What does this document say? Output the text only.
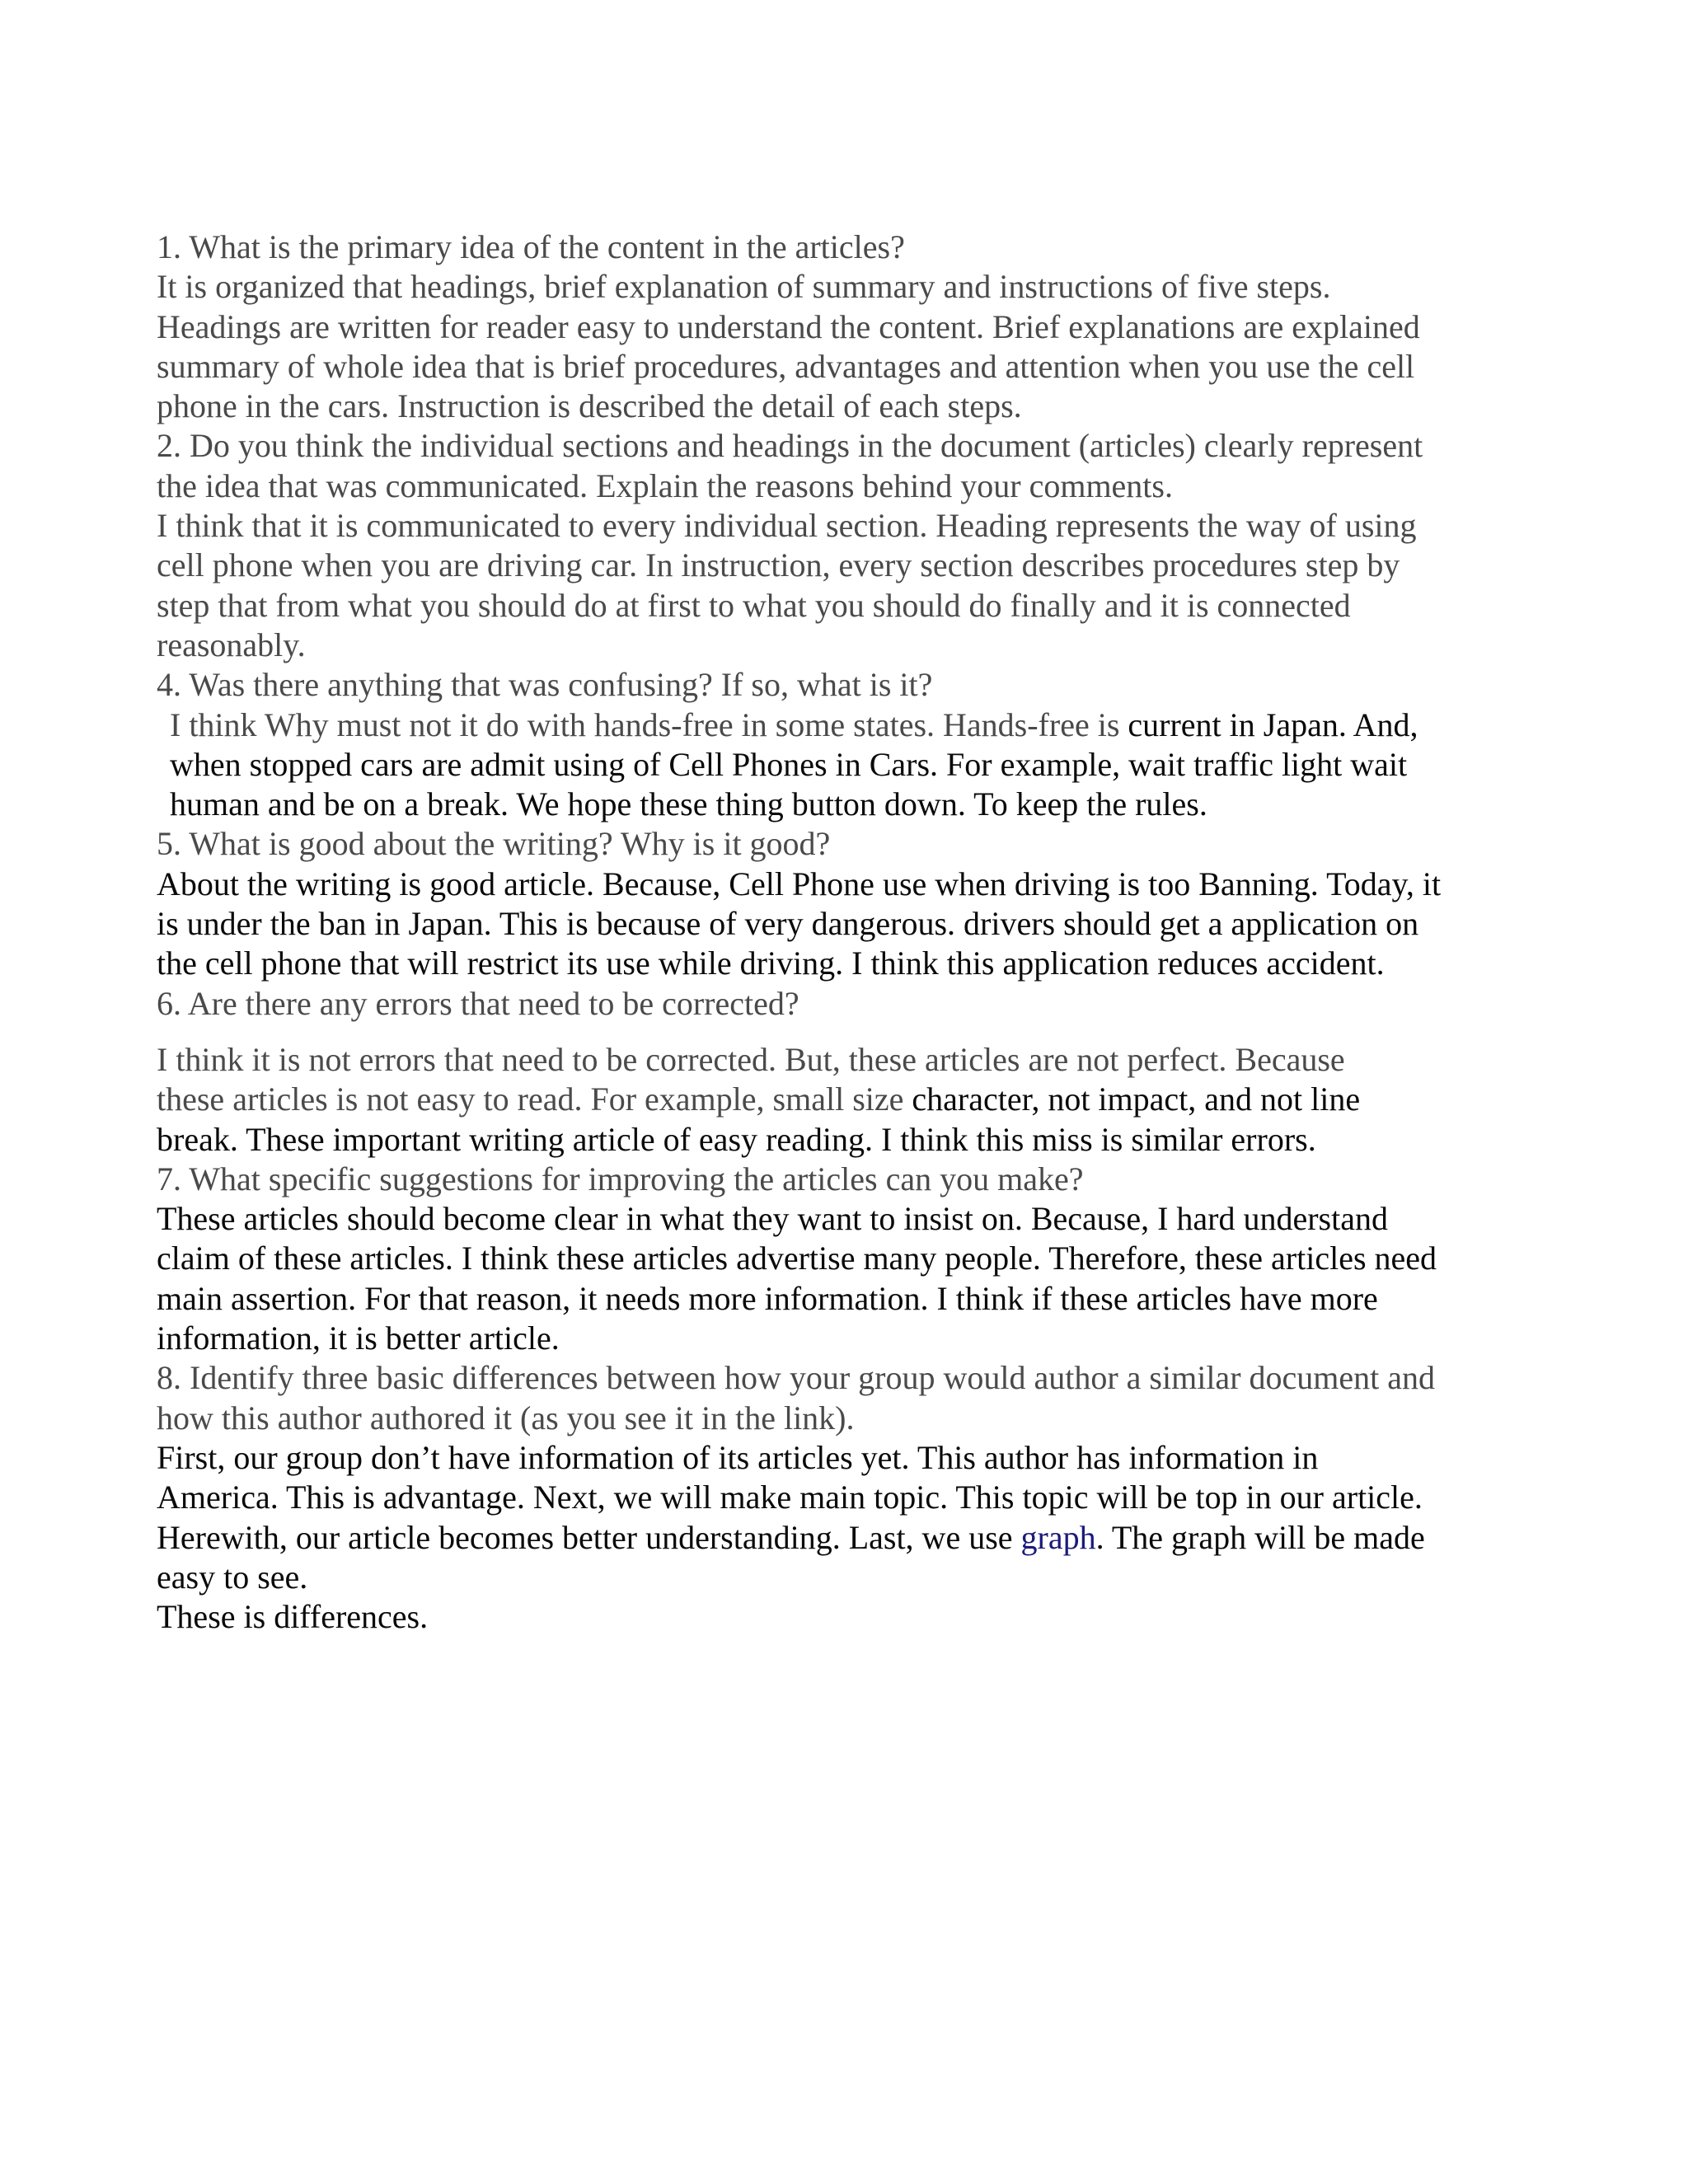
1. What is the primary idea of the content in the articles?
It is organized that headings, brief explanation of summary and instructions of five steps.
Headings are written for reader easy to understand the content. Brief explanations are explained
summary of whole idea that is brief procedures, advantages and attention when you use the cell
phone in the cars. Instruction is described the detail of each steps.
2. Do you think the individual sections and headings in the document (articles) clearly represent
the idea that was communicated. Explain the reasons behind your comments.
I think that it is communicated to every individual section. Heading represents the way of using
cell phone when you are driving car. In instruction, every section describes procedures step by
step that from what you should do at first to what you should do finally and it is connected
reasonably.
4. Was there anything that was confusing? If so, what is it?
I think Why must not it do with hands-free in some states. Hands-free is current in Japan. And,
when stopped cars are admit using of Cell Phones in Cars. For example, wait traffic light wait
human and be on a break. We hope these thing button down. To keep the rules.
5. What is good about the writing? Why is it good?
About the writing is good article. Because, Cell Phone use when driving is too Banning. Today, it
is under the ban in Japan. This is because of very dangerous. drivers should get a application on
the cell phone that will restrict its use while driving. I think this application reduces accident.
6. Are there any errors that need to be corrected?
I think it is not errors that need to be corrected. But, these articles are not perfect. Because
these articles is not easy to read. For example, small size character, not impact, and not line
break. These important writing article of easy reading. I think this miss is similar errors.
7. What specific suggestions for improving the articles can you make?
These articles should become clear in what they want to insist on. Because, I hard understand
claim of these articles. I think these articles advertise many people. Therefore, these articles need
main assertion. For that reason, it needs more information. I think if these articles have more
information, it is better article.
8. Identify three basic differences between how your group would author a similar document and
how this author authored it (as you see it in the link).
First, our group don’t have information of its articles yet. This author has information in
America. This is advantage. Next, we will make main topic. This topic will be top in our article.
Herewith, our article becomes better understanding. Last, we use graph. The graph will be made
easy to see.
These is differences.
